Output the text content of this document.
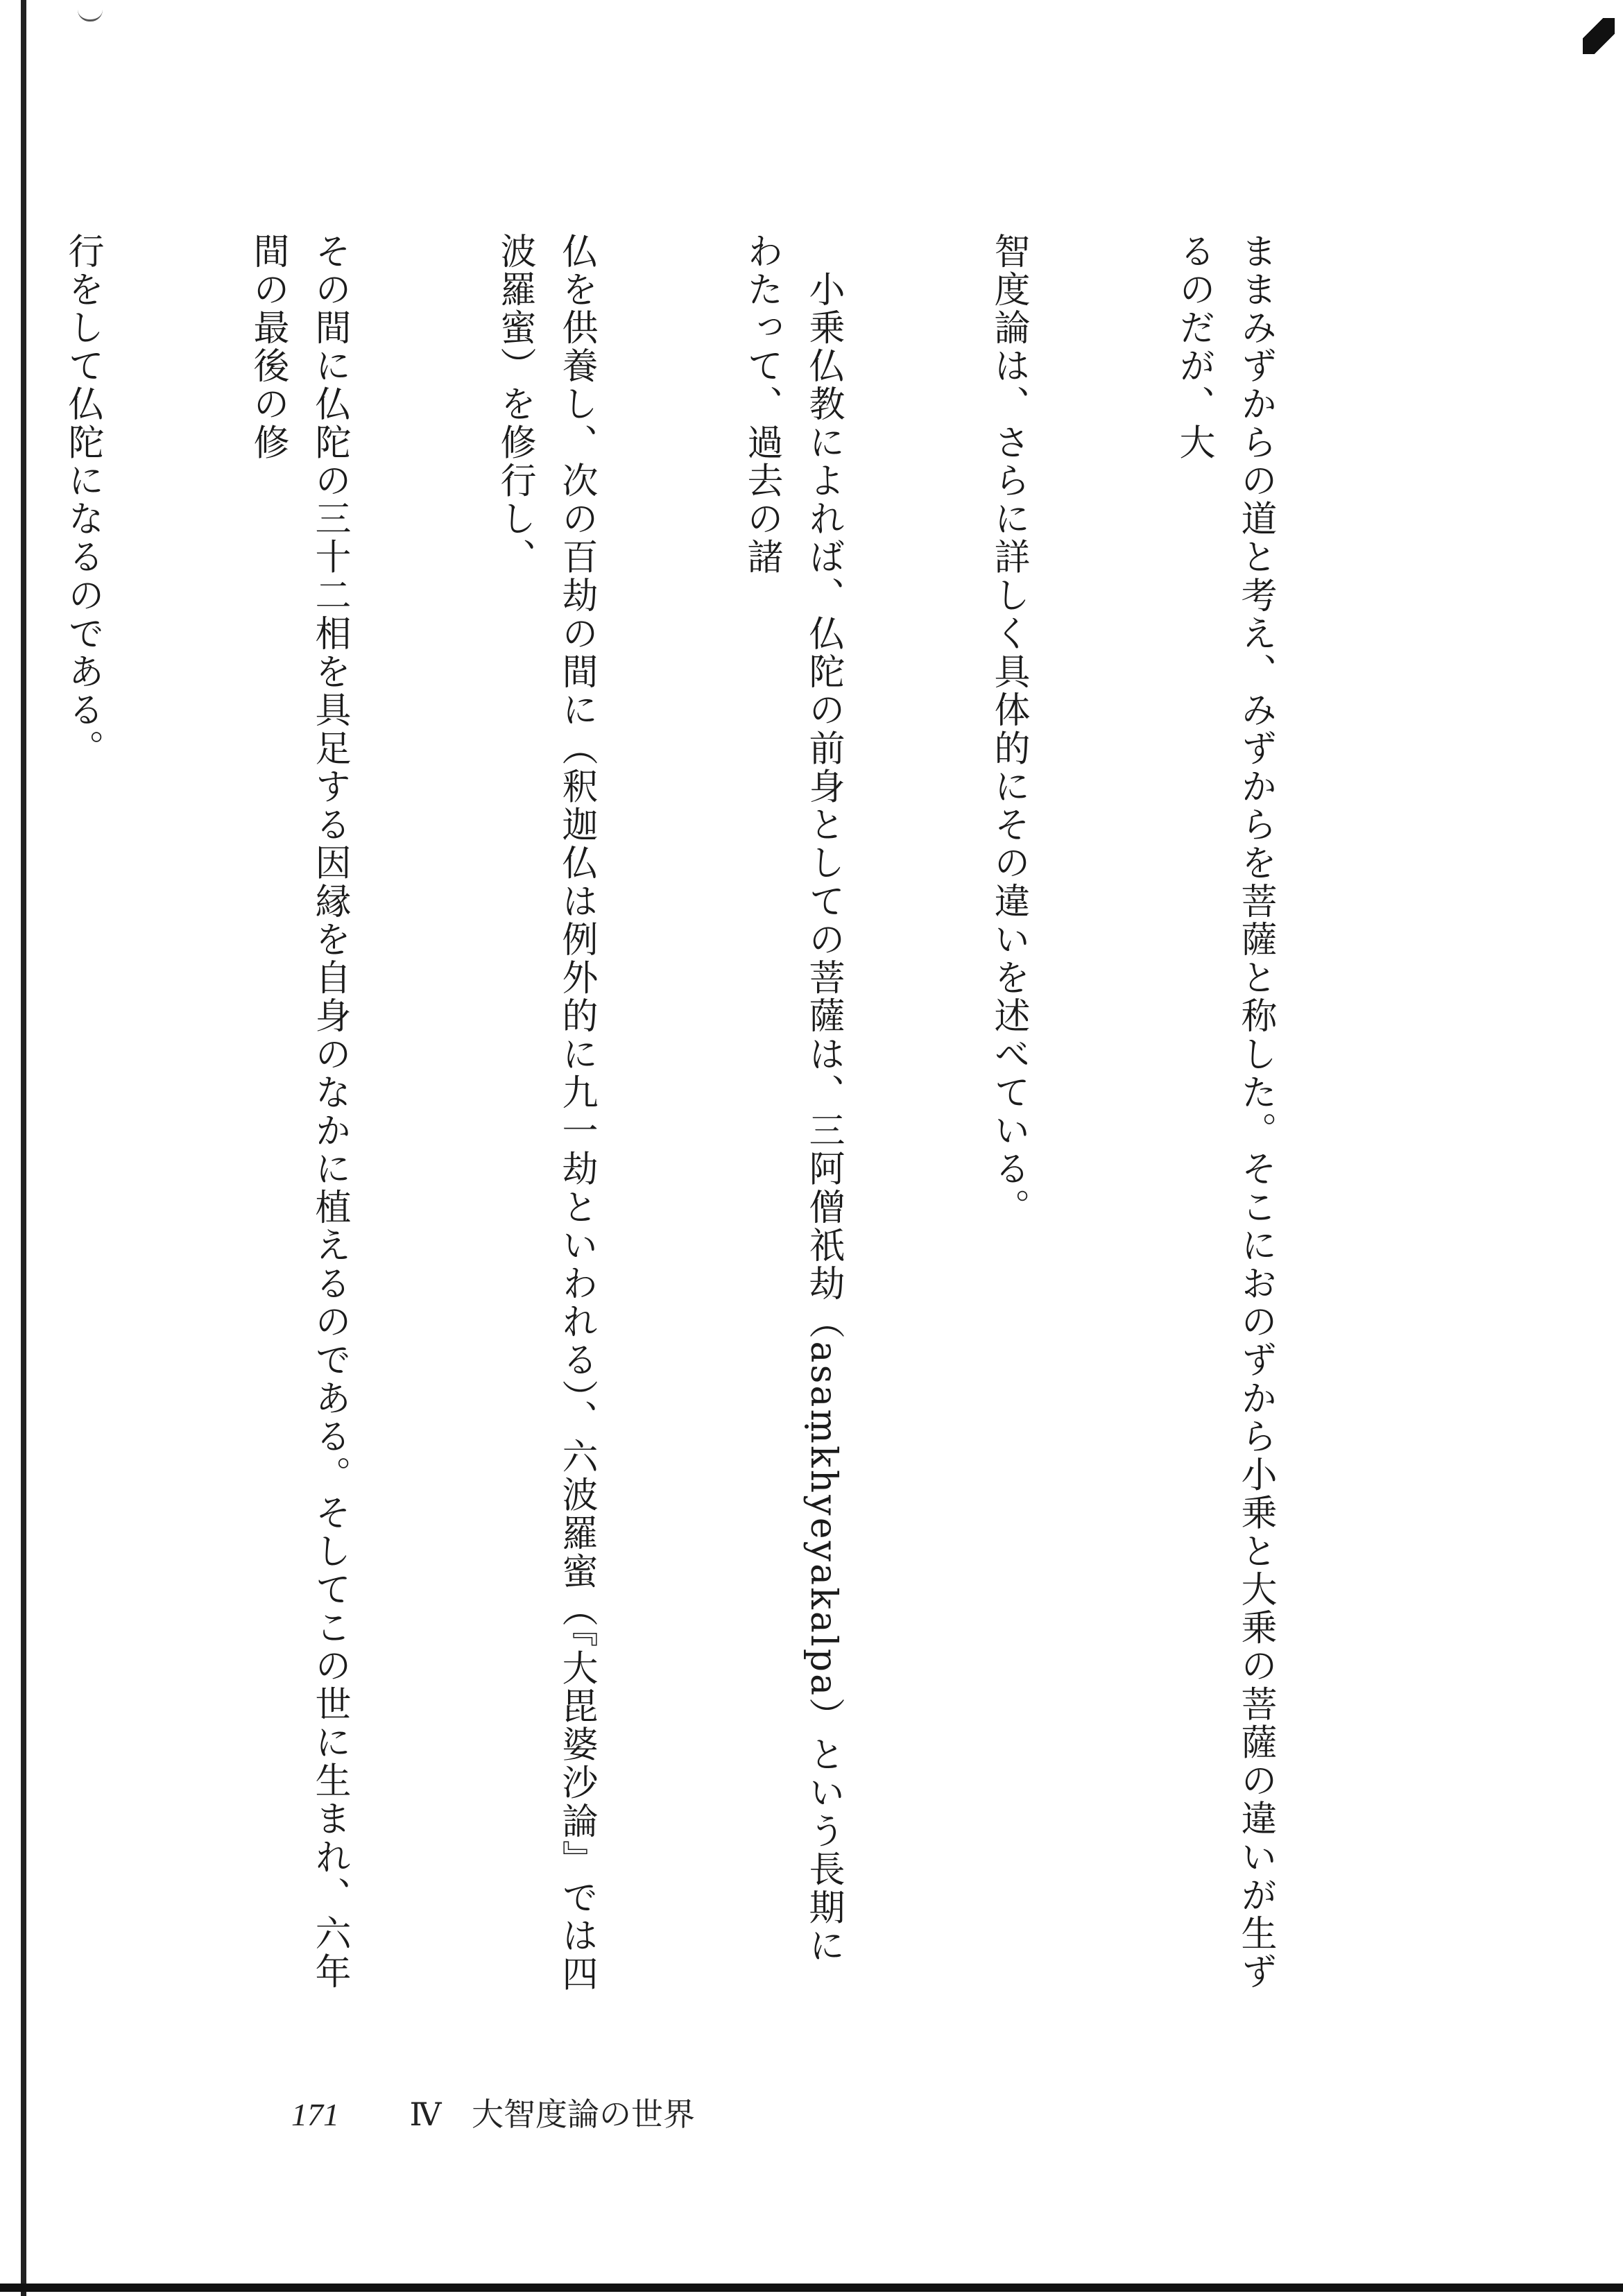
ままみずからの道と考え、みずからを菩薩と称した。そこにおのずから小乗と大乗の菩薩の違いが生ずるのだが、大

智度論は、さらに詳しく具体的にその違いを述べている。

　小乗仏教によれば、仏陀の前身としての菩薩は、三阿僧祇劫（asaṃkhyeyakalpa）という長期にわたって、過去の諸

仏を供養し、次の百劫の間に（釈迦仏は例外的に九一劫といわれる）、六波羅蜜（『大毘婆沙論』では四波羅蜜）を修行し、

その間に仏陀の三十二相を具足する因縁を自身のなかに植えるのである。そしてこの世に生まれ、六年間の最後の修

行をして仏陀になるのである。

171 Ⅳ 大智度論の世界
